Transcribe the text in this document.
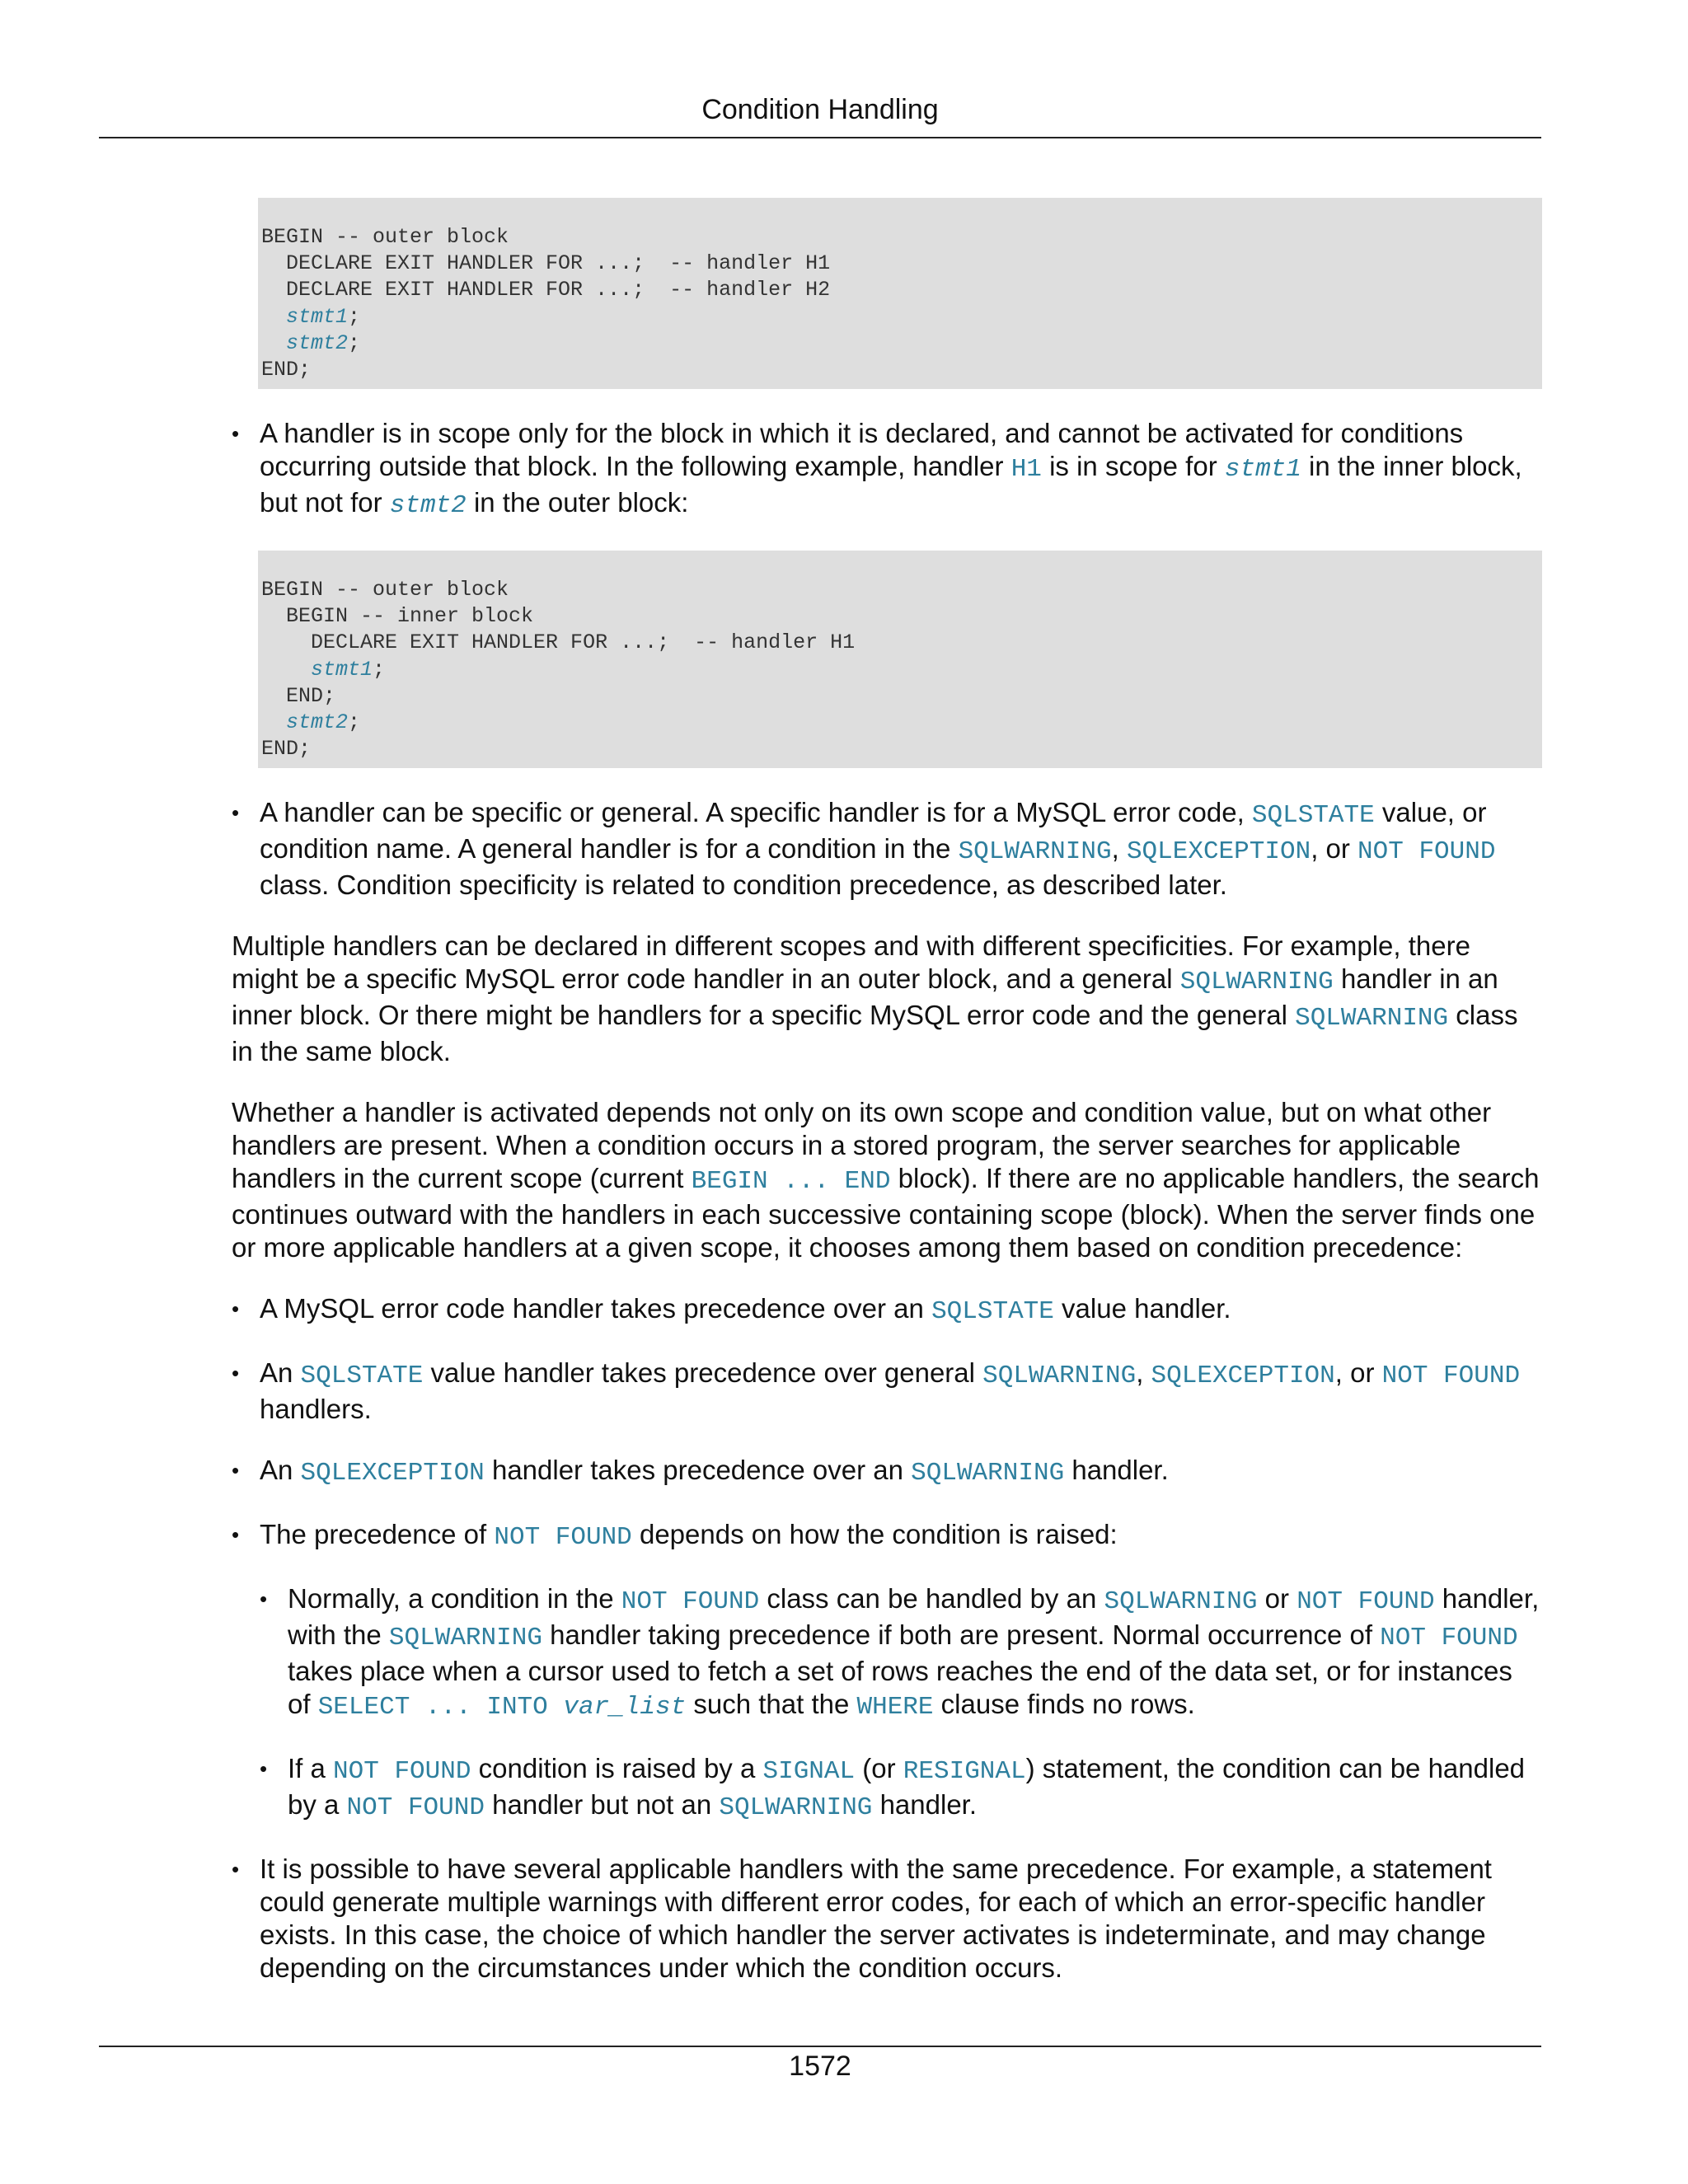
Condition Handling
BEGIN -- outer block
DECLARE EXIT HANDLER FOR ...;  -- handler H1
DECLARE EXIT HANDLER FOR ...;  -- handler H2
stmt1;
stmt2;
END;
• A handler is in scope only for the block in which it is declared, and cannot be activated for conditions occurring outside that block. In the following example, handler H1 is in scope for stmt1 in the inner block, but not for stmt2 in the outer block:
BEGIN -- outer block
BEGIN -- inner block
DECLARE EXIT HANDLER FOR ...;  -- handler H1
stmt1;
END;
stmt2;
END;
• A handler can be specific or general. A specific handler is for a MySQL error code, SQLSTATE value, or condition name. A general handler is for a condition in the SQLWARNING, SQLEXCEPTION, or NOT FOUND class. Condition specificity is related to condition precedence, as described later.

Multiple handlers can be declared in different scopes and with different specificities. For example, there might be a specific MySQL error code handler in an outer block, and a general SQLWARNING handler in an inner block. Or there might be handlers for a specific MySQL error code and the general SQLWARNING class in the same block.

Whether a handler is activated depends not only on its own scope and condition value, but on what other handlers are present. When a condition occurs in a stored program, the server searches for applicable handlers in the current scope (current BEGIN ... END block). If there are no applicable handlers, the search continues outward with the handlers in each successive containing scope (block). When the server finds one or more applicable handlers at a given scope, it chooses among them based on condition precedence:

• A MySQL error code handler takes precedence over an SQLSTATE value handler.
• An SQLSTATE value handler takes precedence over general SQLWARNING, SQLEXCEPTION, or NOT FOUND handlers.
• An SQLEXCEPTION handler takes precedence over an SQLWARNING handler.
• The precedence of NOT FOUND depends on how the condition is raised:
• Normally, a condition in the NOT FOUND class can be handled by an SQLWARNING or NOT FOUND handler, with the SQLWARNING handler taking precedence if both are present. Normal occurrence of NOT FOUND takes place when a cursor used to fetch a set of rows reaches the end of the data set, or for instances of SELECT ... INTO var_list such that the WHERE clause finds no rows.
• If a NOT FOUND condition is raised by a SIGNAL (or RESIGNAL) statement, the condition can be handled by a NOT FOUND handler but not an SQLWARNING handler.
• It is possible to have several applicable handlers with the same precedence. For example, a statement could generate multiple warnings with different error codes, for each of which an error-specific handler exists. In this case, the choice of which handler the server activates is indeterminate, and may change depending on the circumstances under which the condition occurs.
1572
